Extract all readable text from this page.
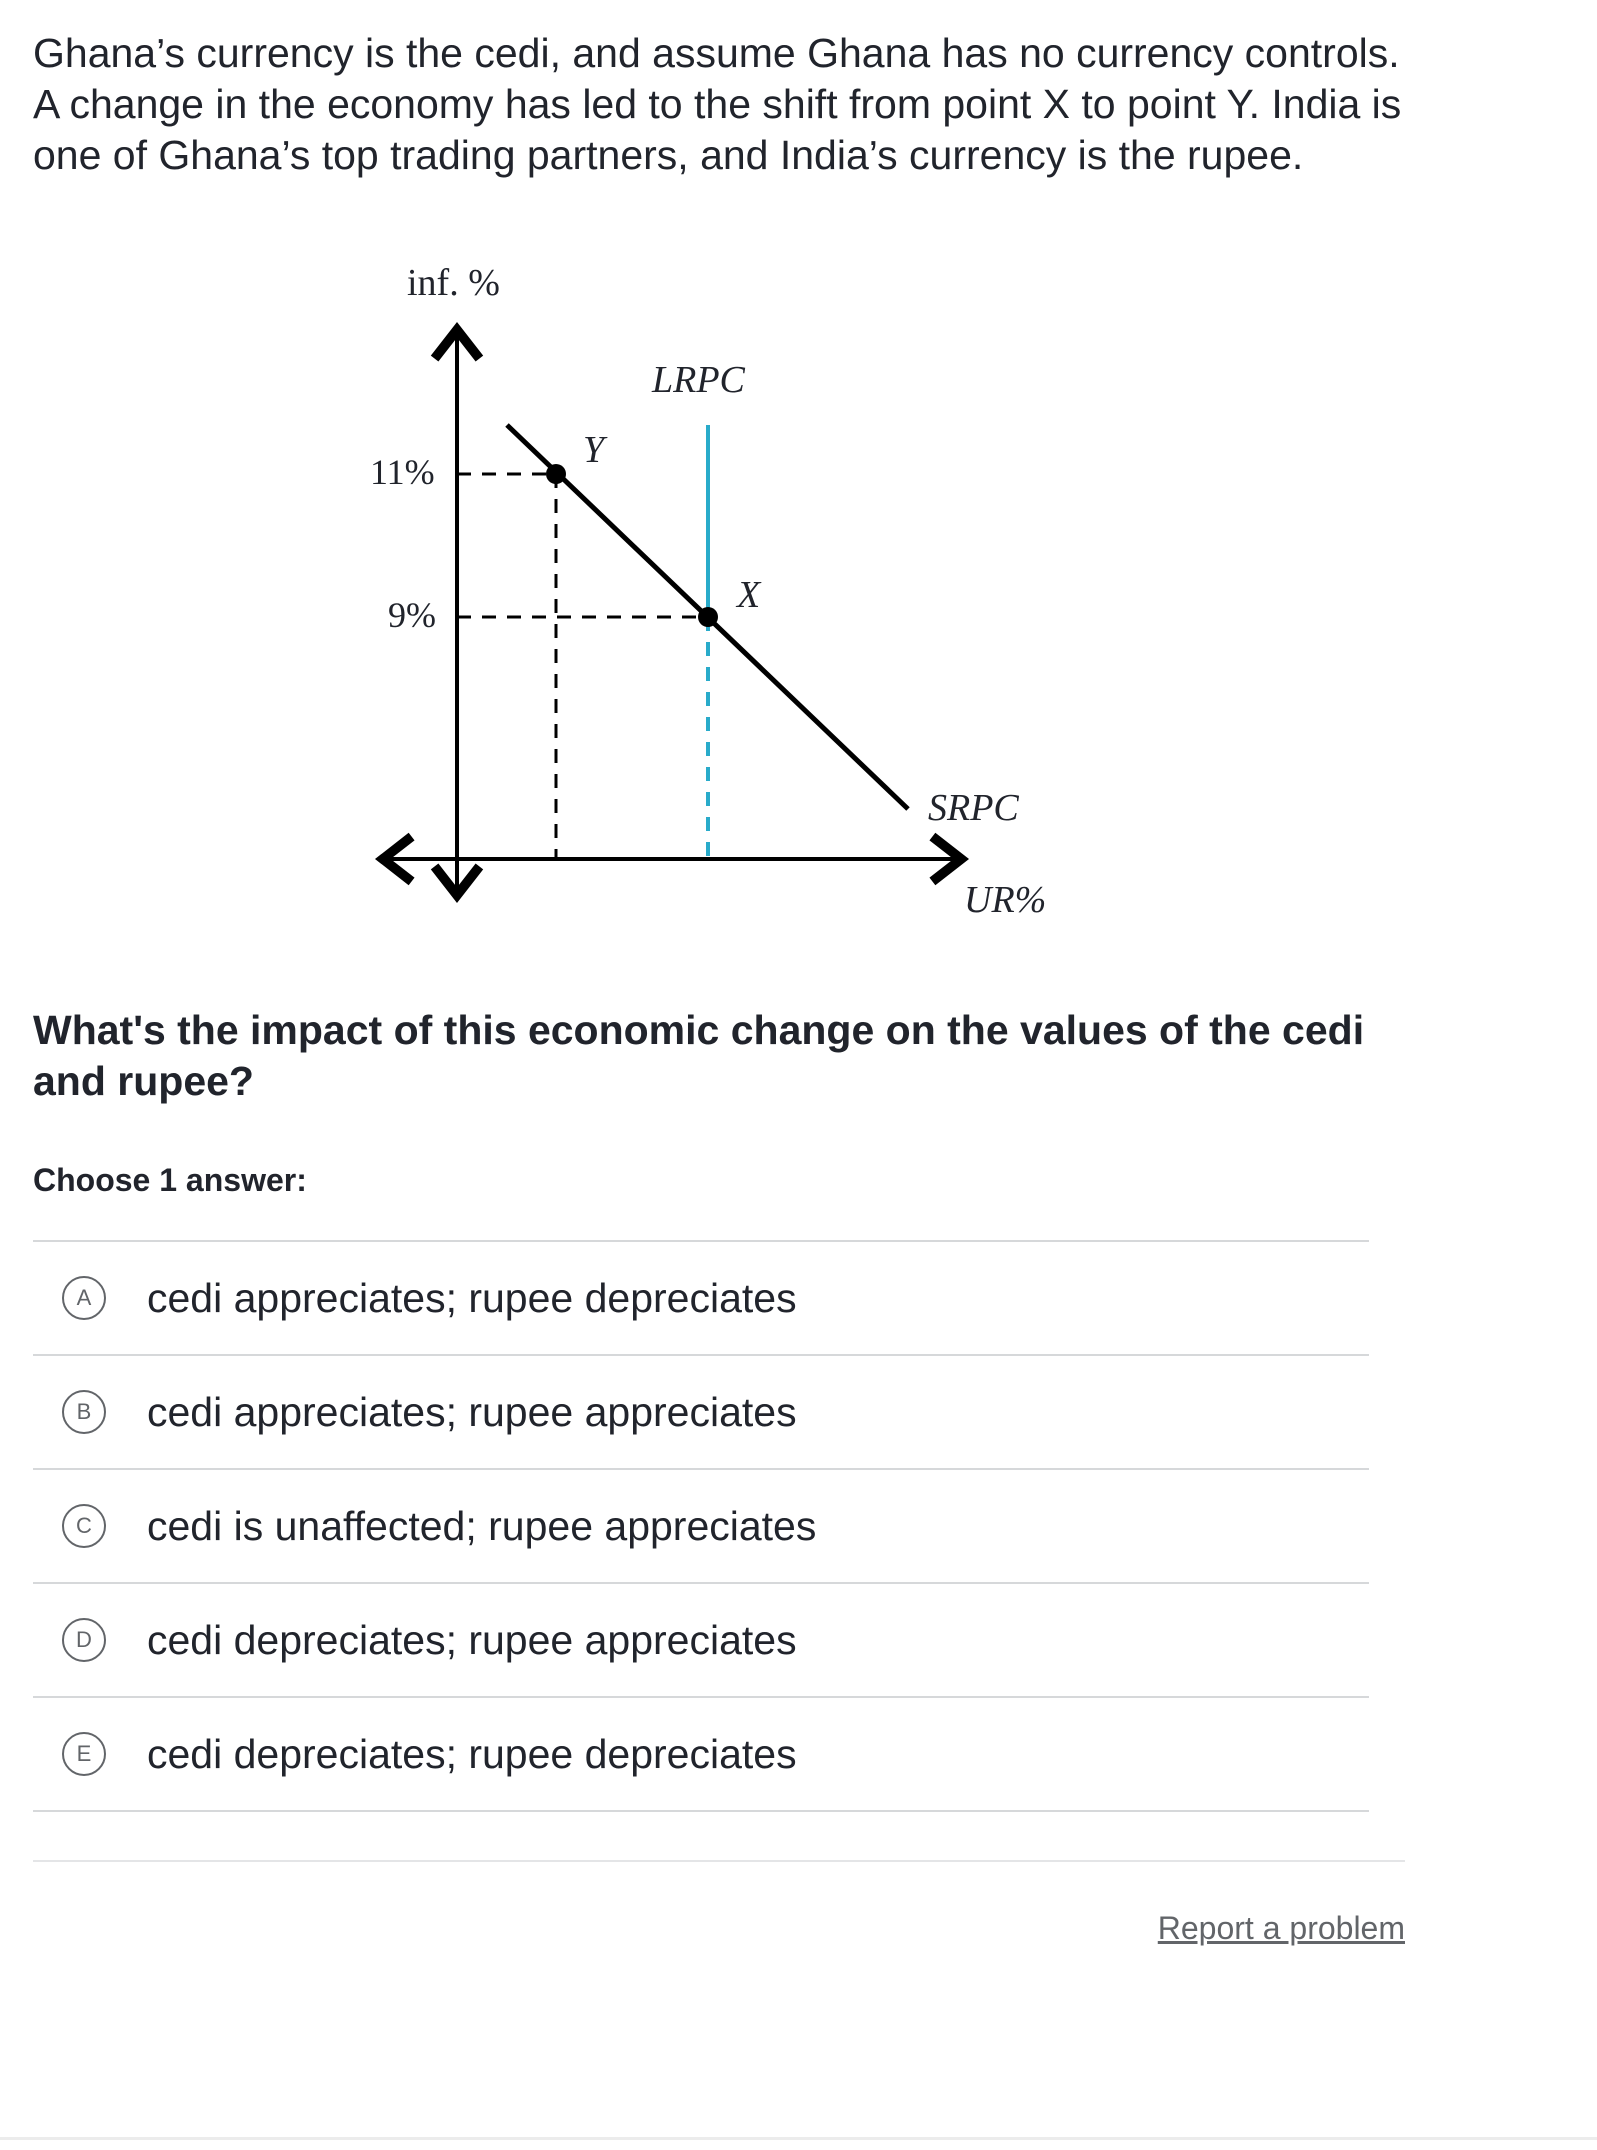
Ghana’s currency is the cedi, and assume Ghana has no currency controls. A change in the economy has led to the shift from point X to point Y. India is one of Ghana’s top trading partners, and India’s currency is the rupee.

inf. %
UR%
11%
9%
LRPC
SRPC
Y
X

What's the impact of this economic change on the values of the cedi and rupee?

Choose 1 answer:

A	cedi appreciates; rupee depreciates
B	cedi appreciates; rupee appreciates
C	cedi is unaffected; rupee appreciates
D	cedi depreciates; rupee appreciates
E	cedi depreciates; rupee depreciates
Report a problem
